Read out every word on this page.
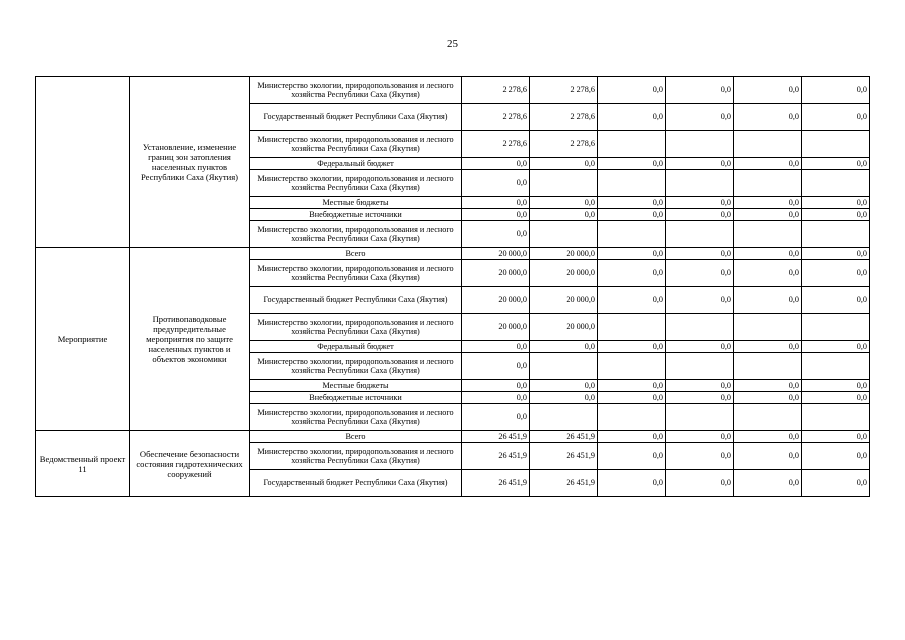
25
	Установление, изменение границ зон затопления населенных пунктов Республики Саха (Якутия)	Министерство экологии, природопользования и лесного хозяйства Республики Саха (Якутия)	2 278,6	2 278,6	0,0	0,0	0,0	0,0
		Государственный бюджет Республики Саха (Якутия)	2 278,6	2 278,6	0,0	0,0	0,0	0,0
		Министерство экологии, природопользования и лесного хозяйства Республики Саха (Якутия)	2 278,6	2 278,6				
		Федеральный бюджет	0,0	0,0	0,0	0,0	0,0	0,0
		Министерство экологии, природопользования и лесного хозяйства Республики Саха (Якутия)	0,0					
		Местные бюджеты	0,0	0,0	0,0	0,0	0,0	0,0
		Внебюджетные источники	0,0	0,0	0,0	0,0	0,0	0,0
		Министерство экологии, природопользования и лесного хозяйства Республики Саха (Якутия)	0,0					
Мероприятие	Противопаводковые предупредительные мероприятия по защите населенных пунктов и объектов экономики	Всего	20 000,0	20 000,0	0,0	0,0	0,0	0,0
		Министерство экологии, природопользования и лесного хозяйства Республики Саха (Якутия)	20 000,0	20 000,0	0,0	0,0	0,0	0,0
		Государственный бюджет Республики Саха (Якутия)	20 000,0	20 000,0	0,0	0,0	0,0	0,0
		Министерство экологии, природопользования и лесного хозяйства Республики Саха (Якутия)	20 000,0	20 000,0				
		Федеральный бюджет	0,0	0,0	0,0	0,0	0,0	0,0
		Министерство экологии, природопользования и лесного хозяйства Республики Саха (Якутия)	0,0					
		Местные бюджеты	0,0	0,0	0,0	0,0	0,0	0,0
		Внебюджетные источники	0,0	0,0	0,0	0,0	0,0	0,0
		Министерство экологии, природопользования и лесного хозяйства Республики Саха (Якутия)	0,0					
Ведомственный проект 11	Обеспечение безопасности состояния гидротехнических сооружений	Всего	26 451,9	26 451,9	0,0	0,0	0,0	0,0
		Министерство экологии, природопользования и лесного хозяйства Республики Саха (Якутия)	26 451,9	26 451,9	0,0	0,0	0,0	0,0
		Государственный бюджет Республики Саха (Якутия)	26 451,9	26 451,9	0,0	0,0	0,0	0,0
